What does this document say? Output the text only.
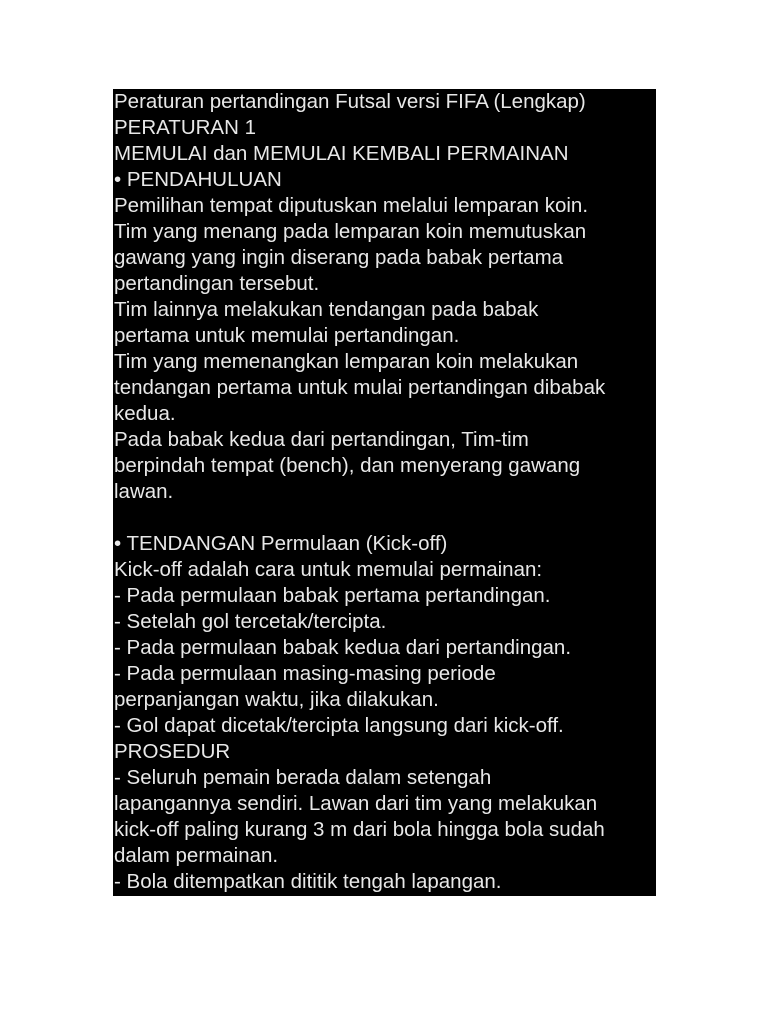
Peraturan pertandingan Futsal versi FIFA (Lengkap)
PERATURAN 1
MEMULAI dan MEMULAI KEMBALI PERMAINAN
• PENDAHULUAN
Pemilihan tempat diputuskan melalui lemparan koin.
Tim yang menang pada lemparan koin memutuskan
gawang yang ingin diserang pada babak pertama
pertandingan tersebut.
Tim lainnya melakukan tendangan pada babak
pertama untuk memulai pertandingan.
Tim yang memenangkan lemparan koin melakukan
tendangan pertama untuk mulai pertandingan dibabak
kedua.
Pada babak kedua dari pertandingan, Tim-tim
berpindah tempat (bench), dan menyerang gawang
lawan.
• TENDANGAN Permulaan (Kick-off)
Kick-off adalah cara untuk memulai permainan:
- Pada permulaan babak pertama pertandingan.
- Setelah gol tercetak/tercipta.
- Pada permulaan babak kedua dari pertandingan.
- Pada permulaan masing-masing periode
perpanjangan waktu, jika dilakukan.
- Gol dapat dicetak/tercipta langsung dari kick-off.
PROSEDUR
- Seluruh pemain berada dalam setengah
lapangannya sendiri. Lawan dari tim yang melakukan
kick-off paling kurang 3 m dari bola hingga bola sudah
dalam permainan.
- Bola ditempatkan dititik tengah lapangan.
